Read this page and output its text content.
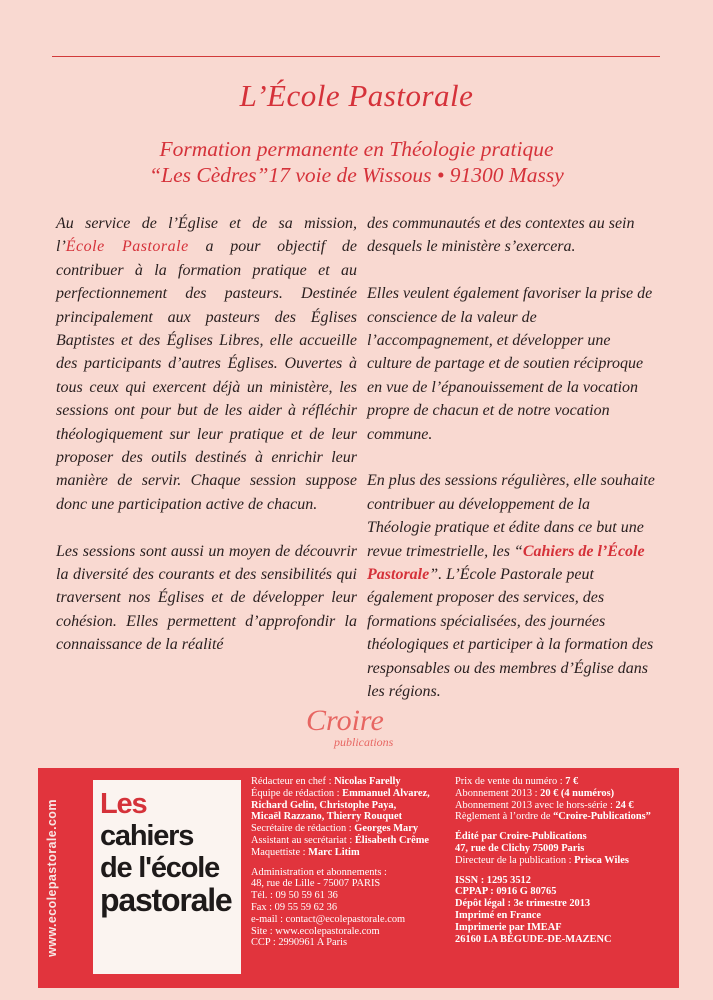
L’École Pastorale
Formation permanente en Théologie pratique
“Les Cèdres”17 voie de Wissous • 91300 Massy

Au service de l’Église et de sa mission, l’École Pastorale a pour objectif de contribuer à la formation pratique et au perfectionnement des pasteurs. Destinée principalement aux pasteurs des Églises Baptistes et des Églises Libres, elle accueille des participants d’autres Églises. Ouvertes à tous ceux qui exercent déjà un ministère, les sessions ont pour but de les aider à réfléchir théologiquement sur leur pratique et de leur proposer des outils destinés à enrichir leur manière de servir. Chaque session suppose donc une participation active de chacun.

Les sessions sont aussi un moyen de découvrir la diversité des courants et des sensibilités qui traversent nos Églises et de développer leur cohésion. Elles permettent d’approfondir la connaissance de la réalité

des communautés et des contextes au sein desquels le ministère s’exercera.

Elles veulent également favoriser la prise de conscience de la valeur de l’accompagnement, et développer une culture de partage et de soutien réciproque en vue de l’épanouissement de la vocation propre de chacun et de notre vocation commune.

En plus des sessions régulières, elle souhaite contribuer au développement de la Théologie pratique et édite dans ce but une revue trimestrielle, les “Cahiers de l’École Pastorale”. L’École Pastorale peut également proposer des services, des formations spécialisées, des journées théologiques et participer à la formation des responsables ou des membres d’Église dans les régions.

Croire
publications
www.ecolepastorale.com Les cahiers
de l'école
pastorale
Rédacteur en chef : Nicolas Farelly
Équipe de rédaction : Emmanuel Alvarez,
Richard Gelin, Christophe Paya,
Micaël Razzano, Thierry Rouquet
Secrétaire de rédaction : Georges Mary
Assistant au secrétariat : Élisabeth Crême
Maquettiste : Marc Litim
Administration et abonnements :
48, rue de Lille - 75007 PARIS
Tél. : 09 50 59 61 36
Fax : 09 55 59 62 36
e-mail : contact@ecolepastorale.com
Site : www.ecolepastorale.com
CCP : 2990961 A Paris
Prix de vente du numéro : 7 €
Abonnement 2013 : 20 € (4 numéros)
Abonnement 2013 avec le hors-série : 24 €
Règlement à l’ordre de “Croire-Publications”
Édité par Croire-Publications
47, rue de Clichy 75009 Paris
Directeur de la publication : Prisca Wiles
ISSN : 1295 3512
CPPAP : 0916 G 80765
Dépôt légal : 3e trimestre 2013
Imprimé en France
Imprimerie par IMEAF
26160 LA BÉGUDE-DE-MAZENC
